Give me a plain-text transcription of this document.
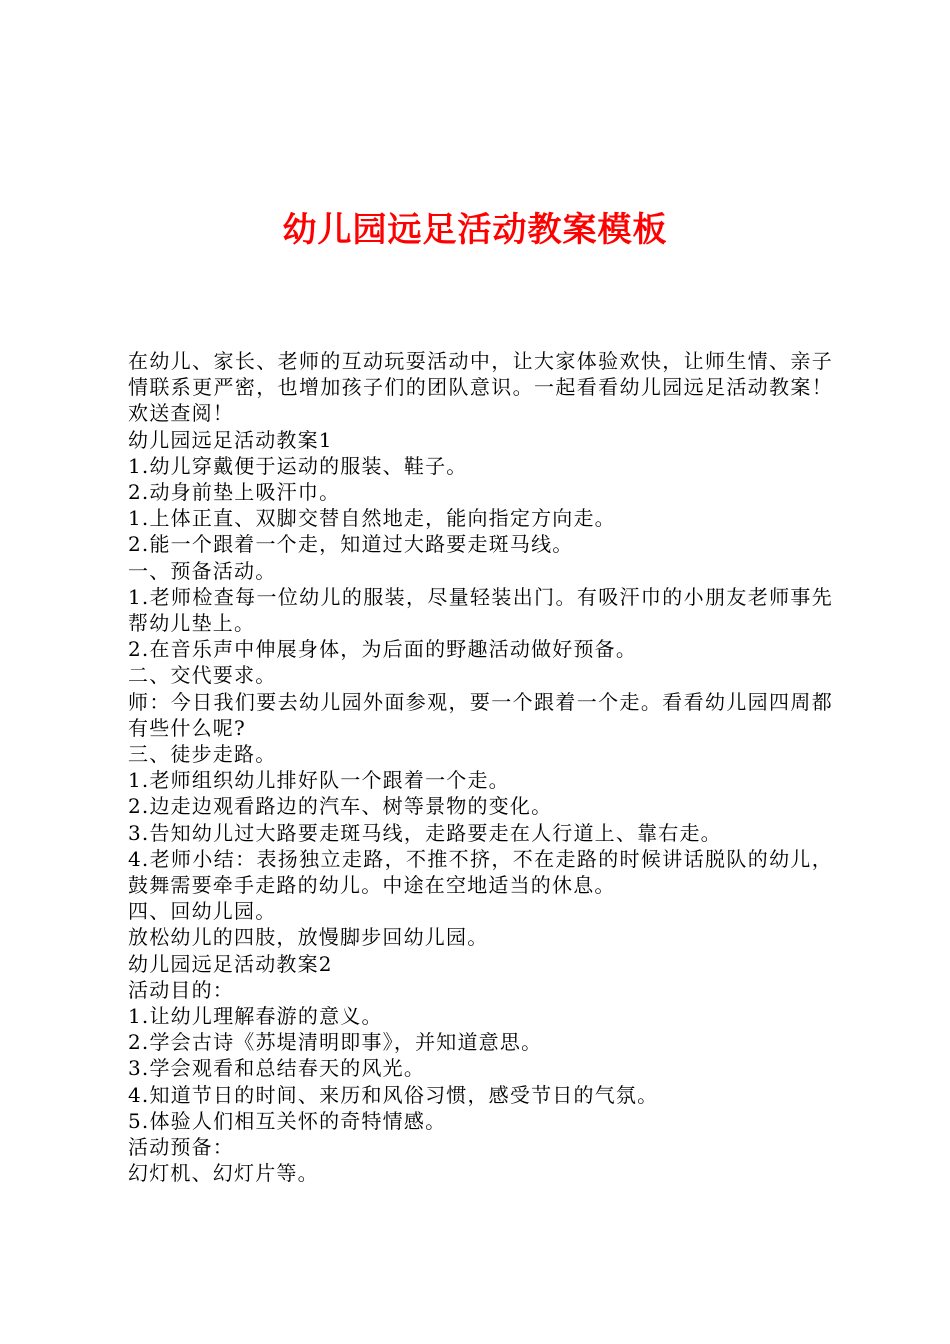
幼儿园远足活动教案模板

在幼儿、家长、老师的互动玩耍活动中，让大家体验欢快，让师生情、亲子情联系更严密，也增加孩子们的团队意识。一起看看幼儿园远足活动教案！欢送查阅！

幼儿园远足活动教案1

1.幼儿穿戴便于运动的服装、鞋子。

2.动身前垫上吸汗巾。

1.上体正直、双脚交替自然地走，能向指定方向走。

2.能一个跟着一个走，知道过大路要走斑马线。

一、预备活动。

1.老师检查每一位幼儿的服装，尽量轻装出门。有吸汗巾的小朋友老师事先帮幼儿垫上。

2.在音乐声中伸展身体，为后面的野趣活动做好预备。

二、交代要求。

师：今日我们要去幼儿园外面参观，要一个跟着一个走。看看幼儿园四周都有些什么呢?

三、徒步走路。

1.老师组织幼儿排好队一个跟着一个走。

2.边走边观看路边的汽车、树等景物的变化。

3.告知幼儿过大路要走斑马线，走路要走在人行道上、靠右走。

4.老师小结：表扬独立走路，不推不挤，不在走路的时候讲话脱队的幼儿，鼓舞需要牵手走路的幼儿。中途在空地适当的休息。

四、回幼儿园。

放松幼儿的四肢，放慢脚步回幼儿园。

幼儿园远足活动教案2

活动目的：

1.让幼儿理解春游的意义。

2.学会古诗《苏堤清明即事》，并知道意思。

3.学会观看和总结春天的风光。

4.知道节日的时间、来历和风俗习惯，感受节日的气氛。

5.体验人们相互关怀的奇特情感。

活动预备：

幻灯机、幻灯片等。
